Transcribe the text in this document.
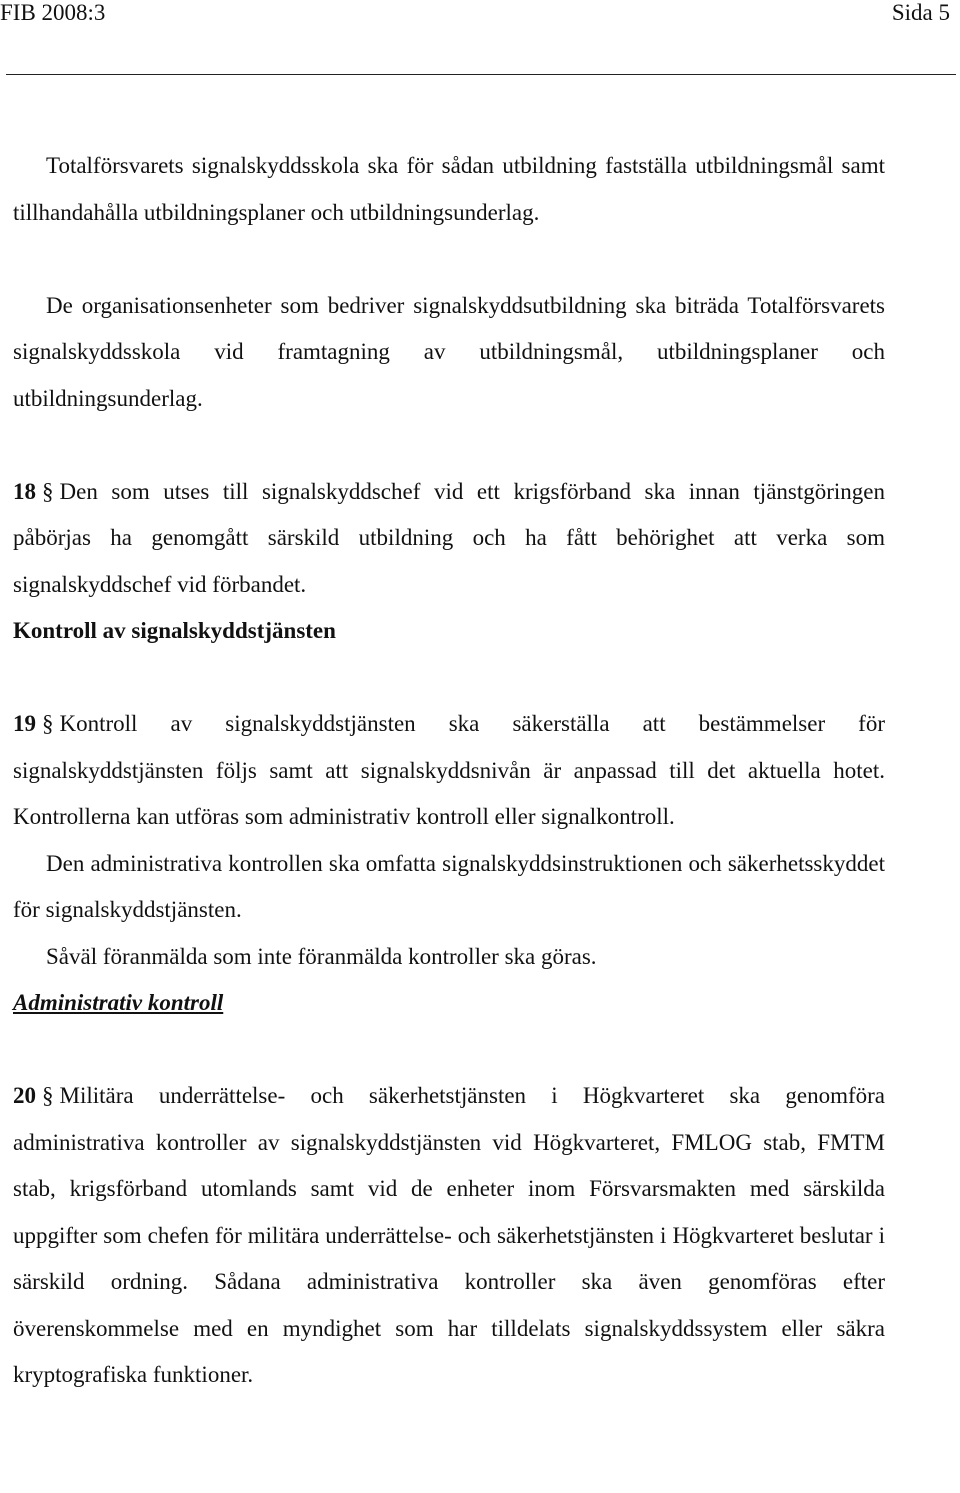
FIB 2008:3	Sida 5

Totalförsvarets signalskyddsskola ska för sådan utbildning fastställa utbildningsmål samt tillhandahålla utbildningsplaner och utbildningsunderlag.

De organisationsenheter som bedriver signalskyddsutbildning ska biträda Totalförsvarets signalskyddsskola vid framtagning av utbildningsmål, utbildningsplaner och utbildningsunderlag.

18 § Den som utses till signalskyddschef vid ett krigsförband ska innan tjänstgöringen påbörjas ha genomgått särskild utbildning och ha fått behörighet att verka som signalskyddschef vid förbandet.

Kontroll av signalskyddstjänsten

19 § Kontroll av signalskyddstjänsten ska säkerställa att bestämmelser för signalskyddstjänsten följs samt att signalskyddsnivån är anpassad till det aktuella hotet. Kontrollerna kan utföras som administrativ kontroll eller signalkontroll.

Den administrativa kontrollen ska omfatta signalskyddsinstruktionen och säkerhetsskyddet för signalskyddstjänsten.

Såväl föranmälda som inte föranmälda kontroller ska göras.

Administrativ kontroll

20 § Militära underrättelse- och säkerhetstjänsten i Högkvarteret ska genomföra administrativa kontroller av signalskyddstjänsten vid Högkvarteret, FMLOG stab, FMTM stab, krigsförband utomlands samt vid de enheter inom Försvarsmakten med särskilda uppgifter som chefen för militära underrättelse- och säkerhetstjänsten i Högkvarteret beslutar i särskild ordning. Sådana administrativa kontroller ska även genomföras efter överenskommelse med en myndighet som har tilldelats signalskyddssystem eller säkra kryptografiska funktioner.
